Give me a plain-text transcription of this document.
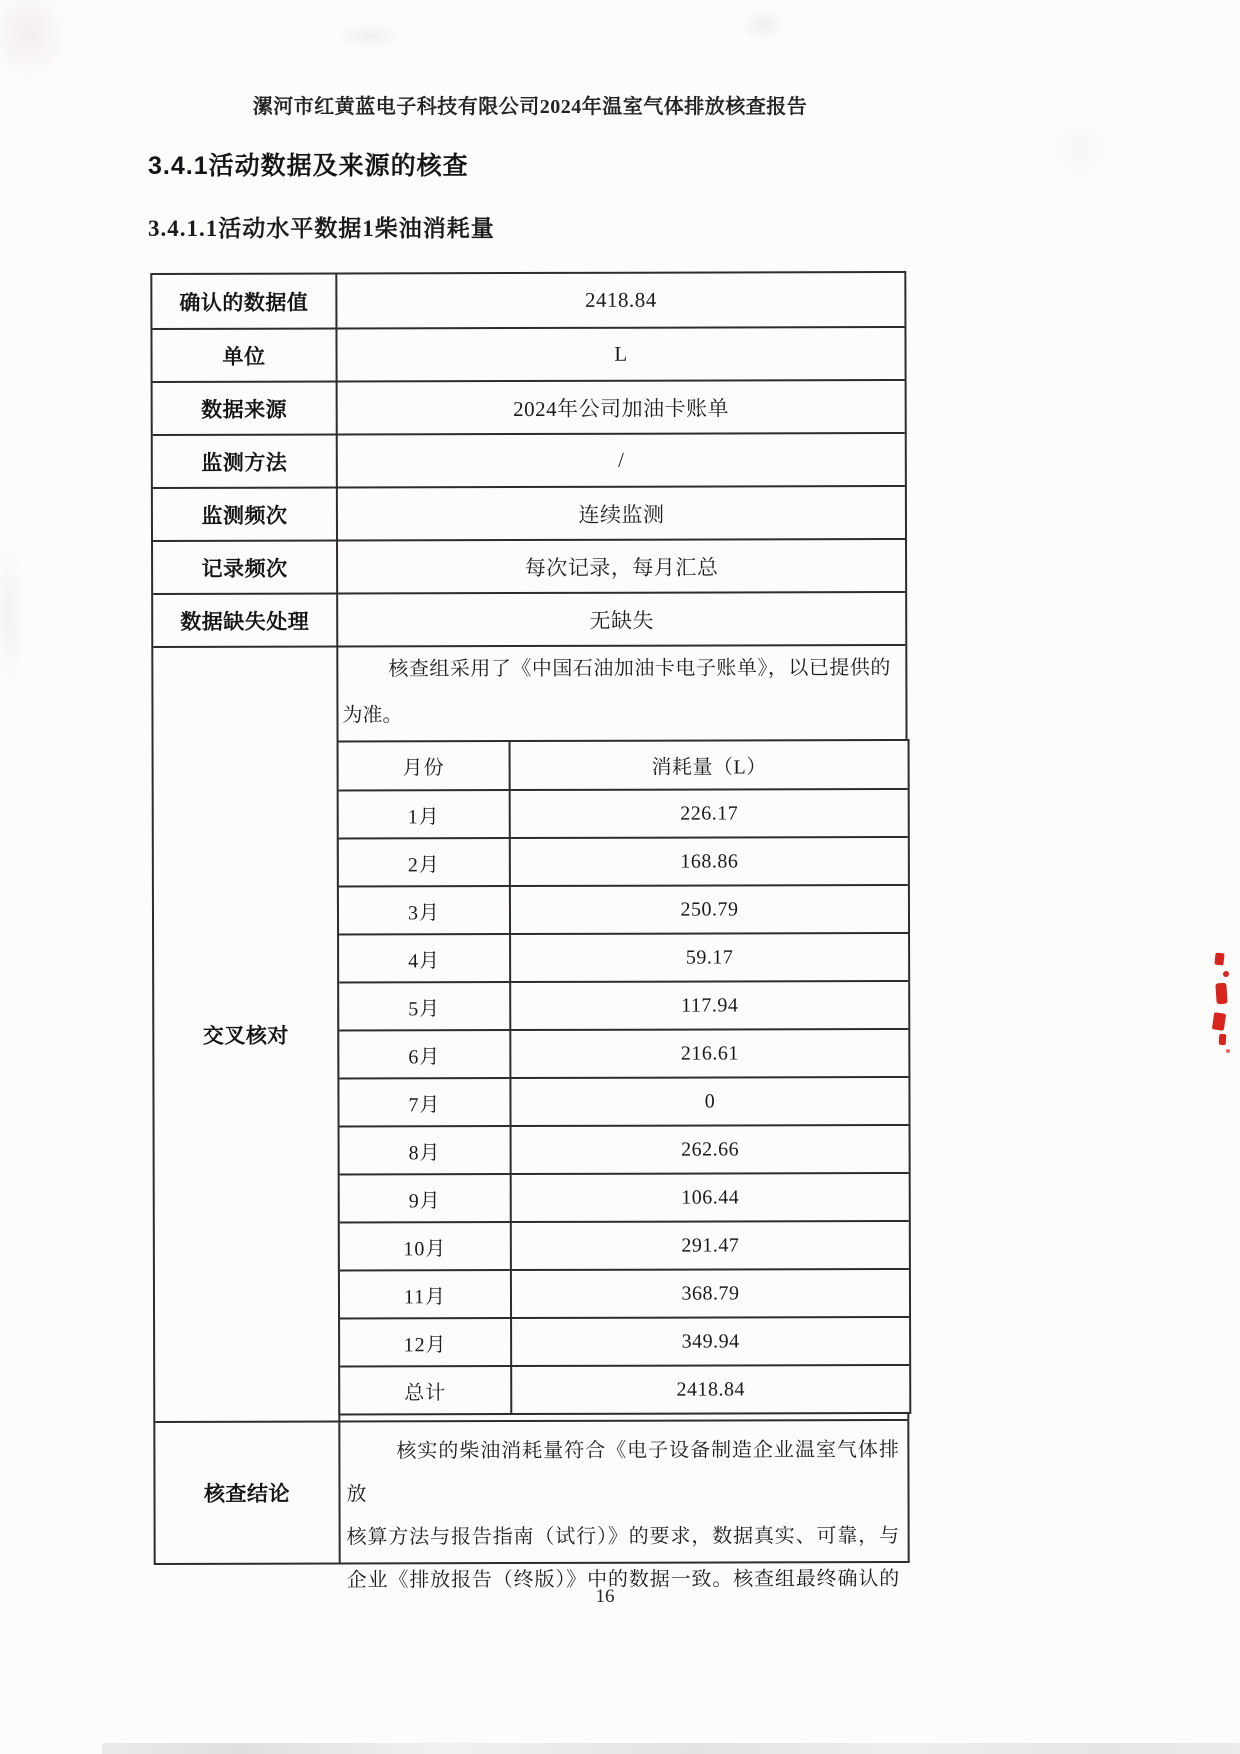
漯河市红黄蓝电子科技有限公司2024年温室气体排放核查报告
3.4.1活动数据及来源的核查
3.4.1.1活动水平数据1柴油消耗量
确认的数据值	2418.84
单位	L
数据来源	2024年公司加油卡账单
监测方法	/
监测频次	连续监测
记录频次	每次记录，每月汇总
数据缺失处理	无缺失
交叉核对
核查组采用了《中国石油加油卡电子账单》，以已提供的
为准。
月份	消耗量（L）
1月	226.17
2月	168.86
3月	250.79
4月	59.17
5月	117.94
6月	216.61
7月	0
8月	262.66
9月	106.44
10月	291.47
11月	368.79
12月	349.94
总计	2418.84
核查结论
核实的柴油消耗量符合《电子设备制造企业温室气体排放
核算方法与报告指南（试行）》的要求，数据真实、可靠，与
企业《排放报告（终版）》中的数据一致。核查组最终确认的
16
